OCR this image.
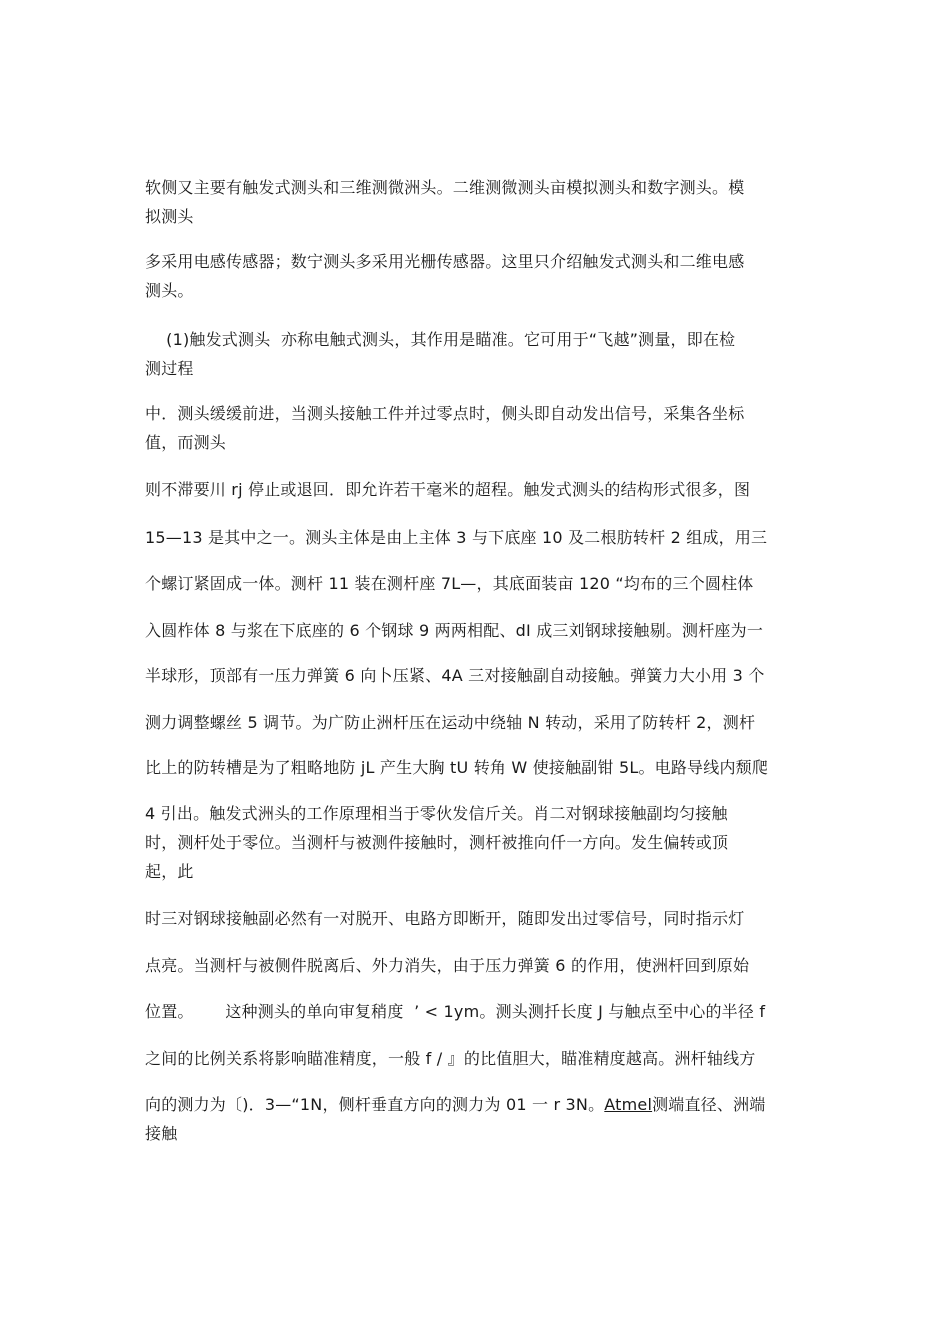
软侧又主要有触发式测头和三维测微洲头。二维测微测头亩模拟测头和数字测头。模
拟测头

多采用电感传感器；数宁测头多采用光栅传感器。这里只介绍触发式测头和二维电感
测头。

(1)触发式测头  亦称电触式测头，其作用是瞄准。它可用于“飞越”测量，即在检
测过程

中．测头缓缓前进，当测头接触工件并过零点时，侧头即自动发出信号，采集各坐标
值，而测头

则不滞要川 rj 停止或退回．即允许若干毫米的超程。触发式测头的结构形式很多，图

15—13 是其中之一。测头主体是由上主体 3 与下底座 10 及二根肪转杆 2 组成，用三

个螺订紧固成一体。测杆 11 装在测杆座 7L—，其底面装亩 120 “均布的三个圆柱体

入圆柞体 8 与浆在下底座的 6 个钢球 9 两两相配、dI 成三刘钢球接触剔。测杆座为一

半球形，顶部有一压力弹簧 6 向卜压紧、4A 三对接触副自动接触。弹簧力大小用 3 个

测力调整螺丝 5 调节。为广防止洲杆压在运动中绕轴 N 转动，采用了防转杆 2，测杆

比上的防转槽是为了粗略地防 jL 产生大胸 tU 转角 W 使接触副钳 5L。电路导线内颓爬

4 引出。触发式洲头的工作原理相当于零伙发信斤关。肖二对钢球接触副均匀接触
时，测杆处于零位。当测杆与被测件接触时，测杆被推向仟一方向。发生偏转或顶
起，此

时三对钢球接触副必然有一对脱开、电路方即断开，随即发出过零信号，同时指示灯

点亮。当测杆与被侧件脱离后、外力消失，由于压力弹簧 6 的作用，使洲杆回到原始

位置。      这种测头的单向审复稍度  ’ < 1ym。测头测扦长度 J 与触点至中心的半径 f

之间的比例关系将影响瞄准精度，一般 f / 』的比值胆大，瞄准精度越高。洲杆轴线方

向的测力为〔)．3—“1N，侧杆垂直方向的测力为 01 一 r 3N。Atmel测端直径、洲端
接触
